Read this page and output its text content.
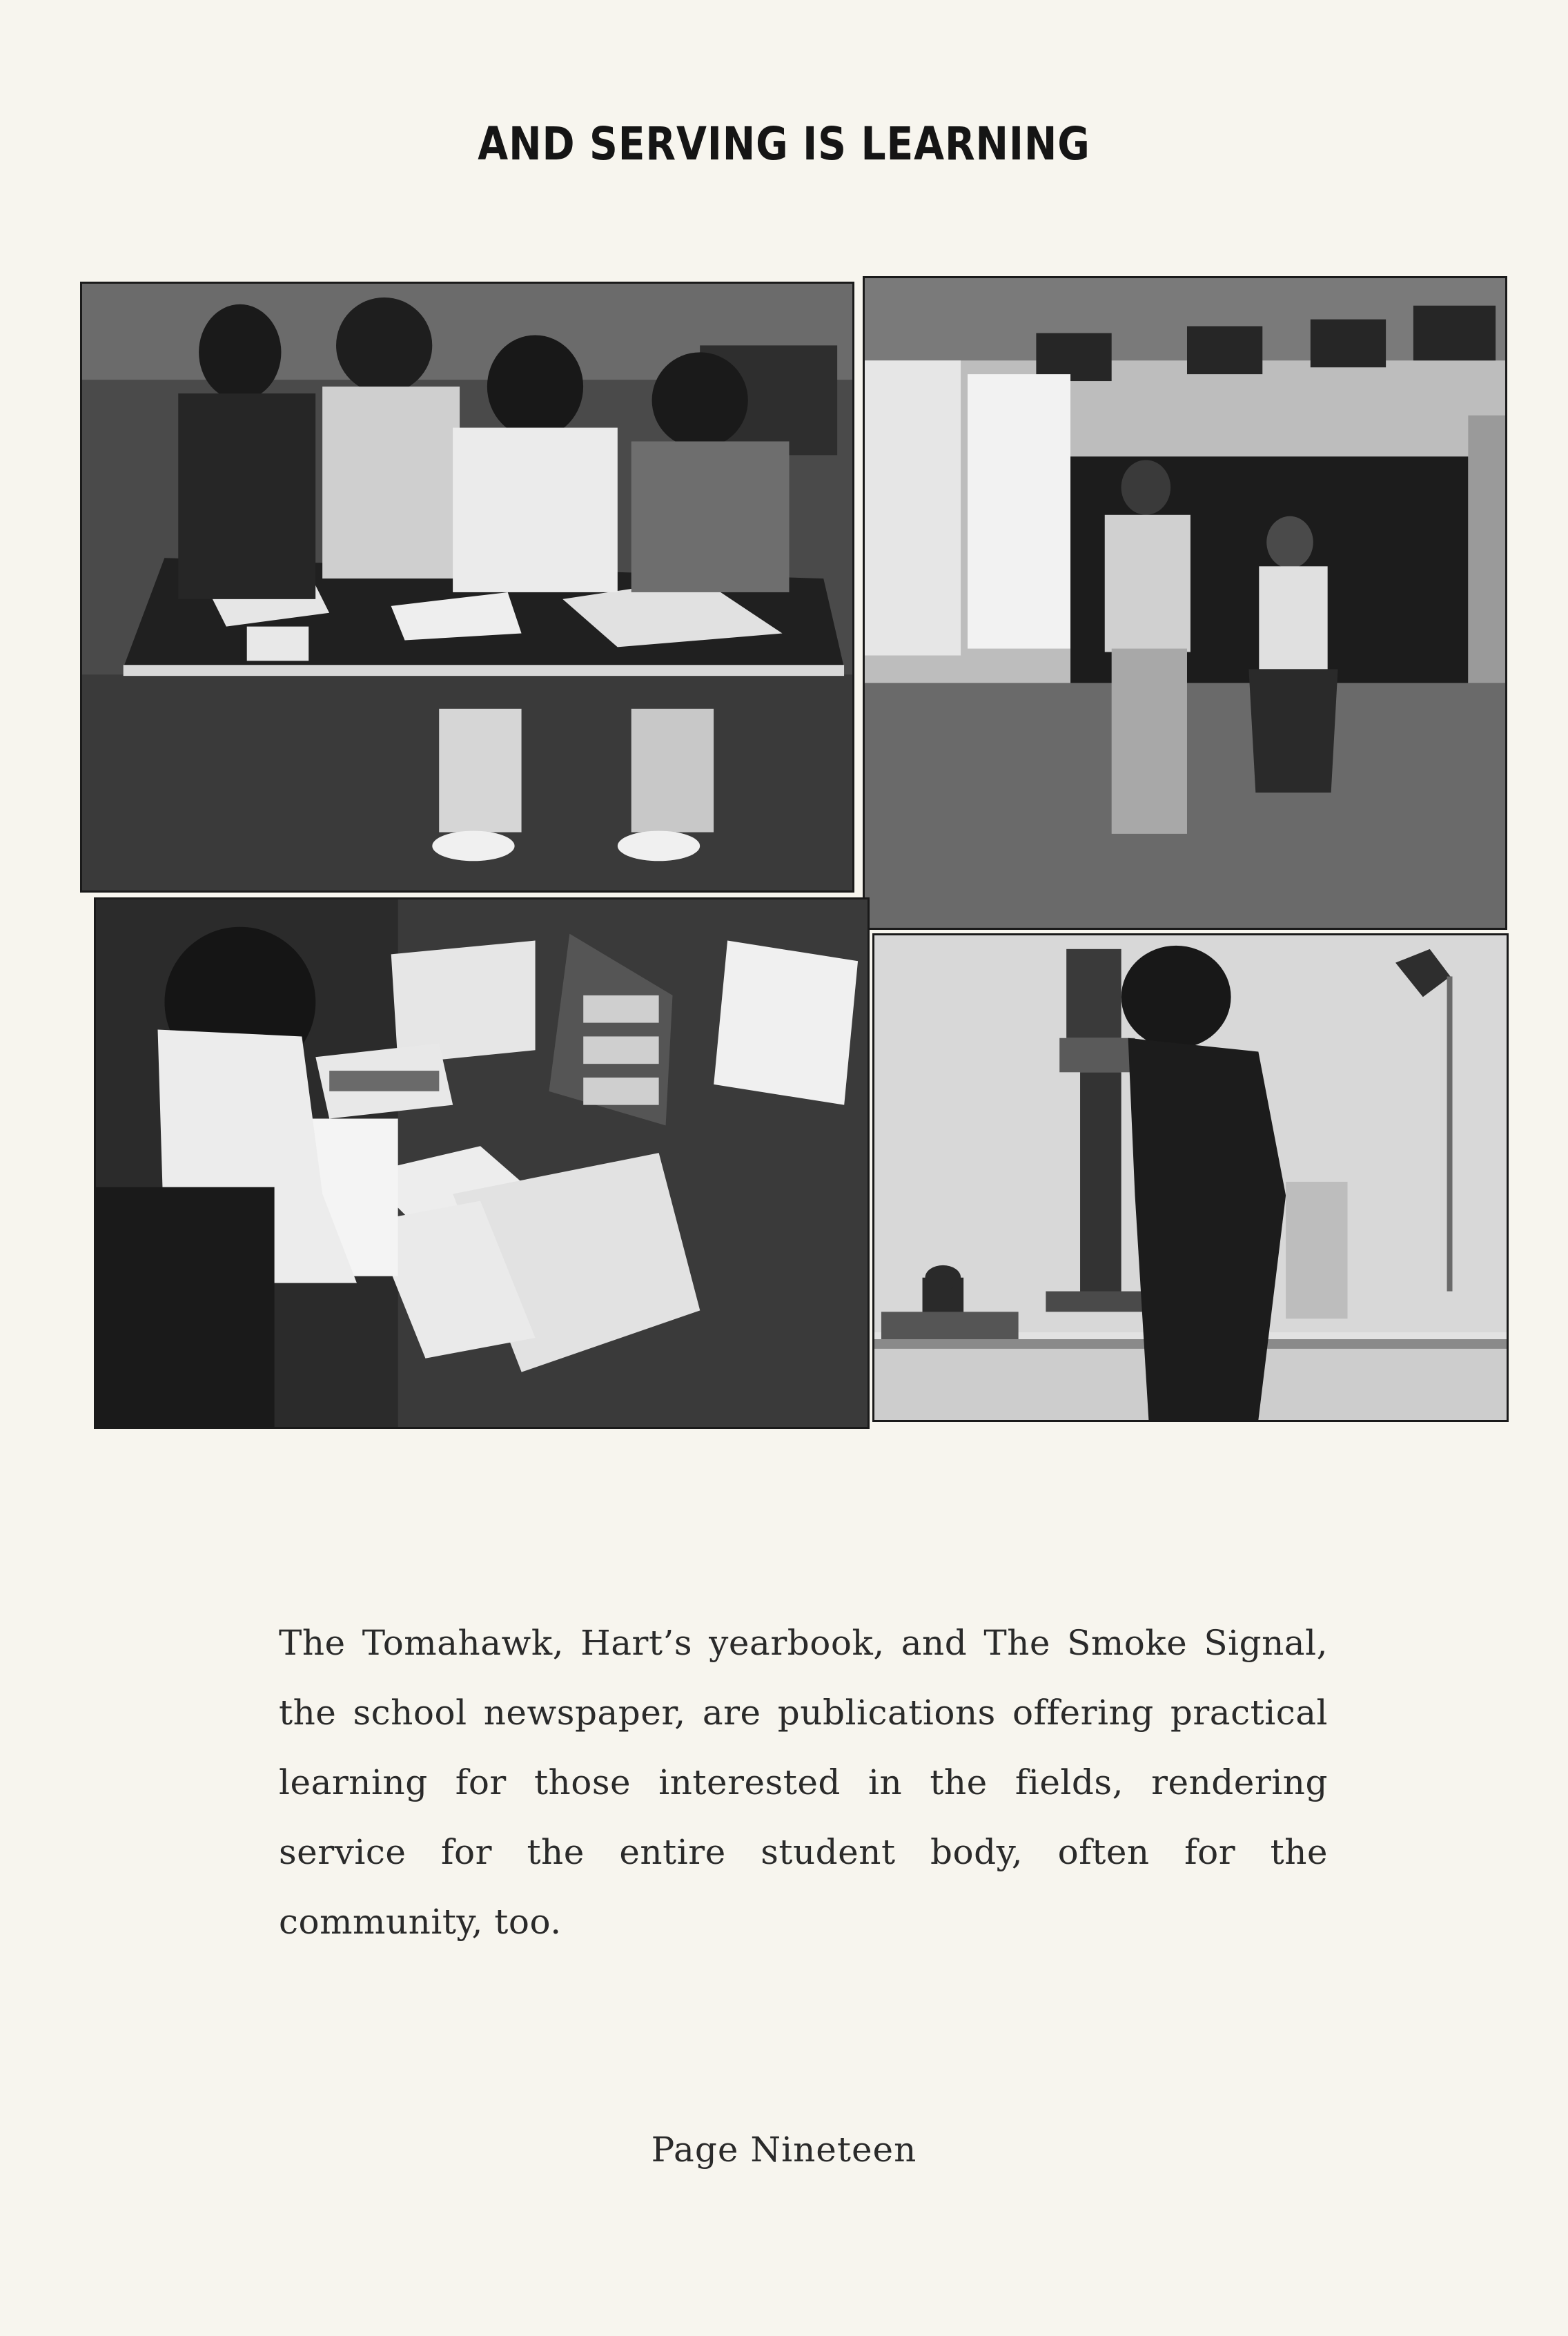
AND SERVING IS LEARNING
The Tomahawk, Hart’s yearbook, and The Smoke Signal, the school newspaper, are publications offering practical learning for those interested in the fields, rendering service for the entire student body, often for the community, too.
Page Nineteen
